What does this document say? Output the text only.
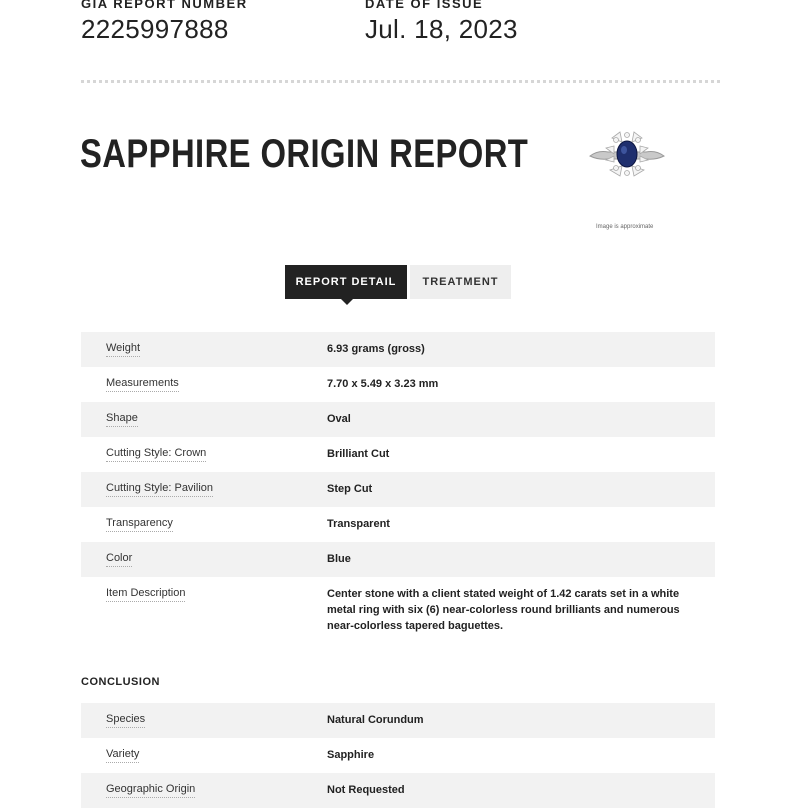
GIA REPORT NUMBER
2225997888
DATE OF ISSUE
Jul. 18, 2023
SAPPHIRE ORIGIN REPORT
Image is approximate
REPORT DETAIL	TREATMENT
Weight	6.93 grams (gross)
Measurements	7.70 x 5.49 x 3.23 mm
Shape	Oval
Cutting Style: Crown	Brilliant Cut
Cutting Style: Pavilion	Step Cut
Transparency	Transparent
Color	Blue
Item Description	Center stone with a client stated weight of 1.42 carats set in a white metal ring with six (6) near-colorless round brilliants and numerous near-colorless tapered baguettes.
CONCLUSION
Species	Natural Corundum
Variety	Sapphire
Geographic Origin	Not Requested
